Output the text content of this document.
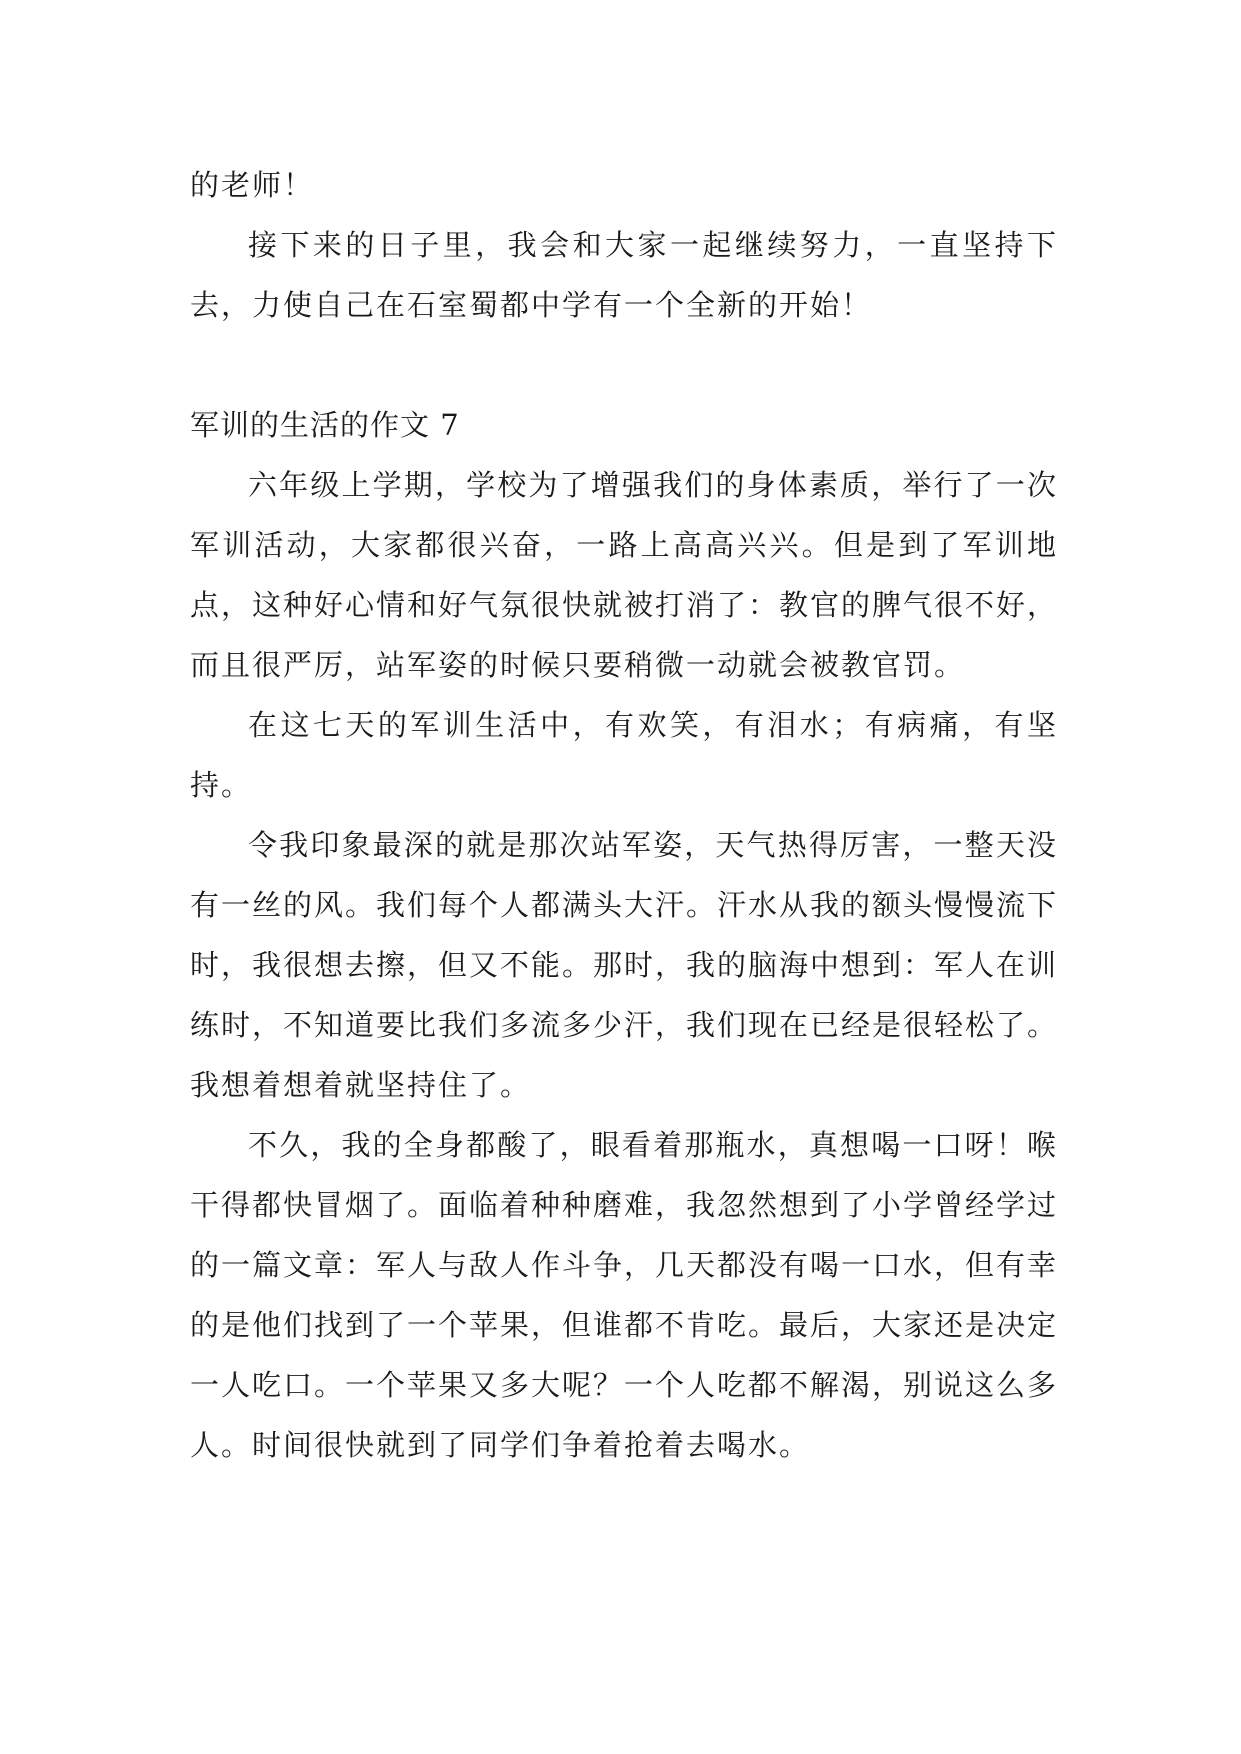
的老师！

接下来的日子里，我会和大家一起继续努力，一直坚持下去，力使自己在石室蜀都中学有一个全新的开始！

军训的生活的作文 7

六年级上学期，学校为了增强我们的身体素质，举行了一次军训活动，大家都很兴奋，一路上高高兴兴。但是到了军训地点，这种好心情和好气氛很快就被打消了：教官的脾气很不好，而且很严厉，站军姿的时候只要稍微一动就会被教官罚。

在这七天的军训生活中，有欢笑，有泪水；有病痛，有坚持。

令我印象最深的就是那次站军姿，天气热得厉害，一整天没有一丝的风。我们每个人都满头大汗。汗水从我的额头慢慢流下时，我很想去擦，但又不能。那时，我的脑海中想到：军人在训练时，不知道要比我们多流多少汗，我们现在已经是很轻松了。我想着想着就坚持住了。

不久，我的全身都酸了，眼看着那瓶水，真想喝一口呀！喉干得都快冒烟了。面临着种种磨难，我忽然想到了小学曾经学过的一篇文章：军人与敌人作斗争，几天都没有喝一口水，但有幸的是他们找到了一个苹果，但谁都不肯吃。最后，大家还是决定一人吃口。一个苹果又多大呢？一个人吃都不解渴，别说这么多人。时间很快就到了同学们争着抢着去喝水。
